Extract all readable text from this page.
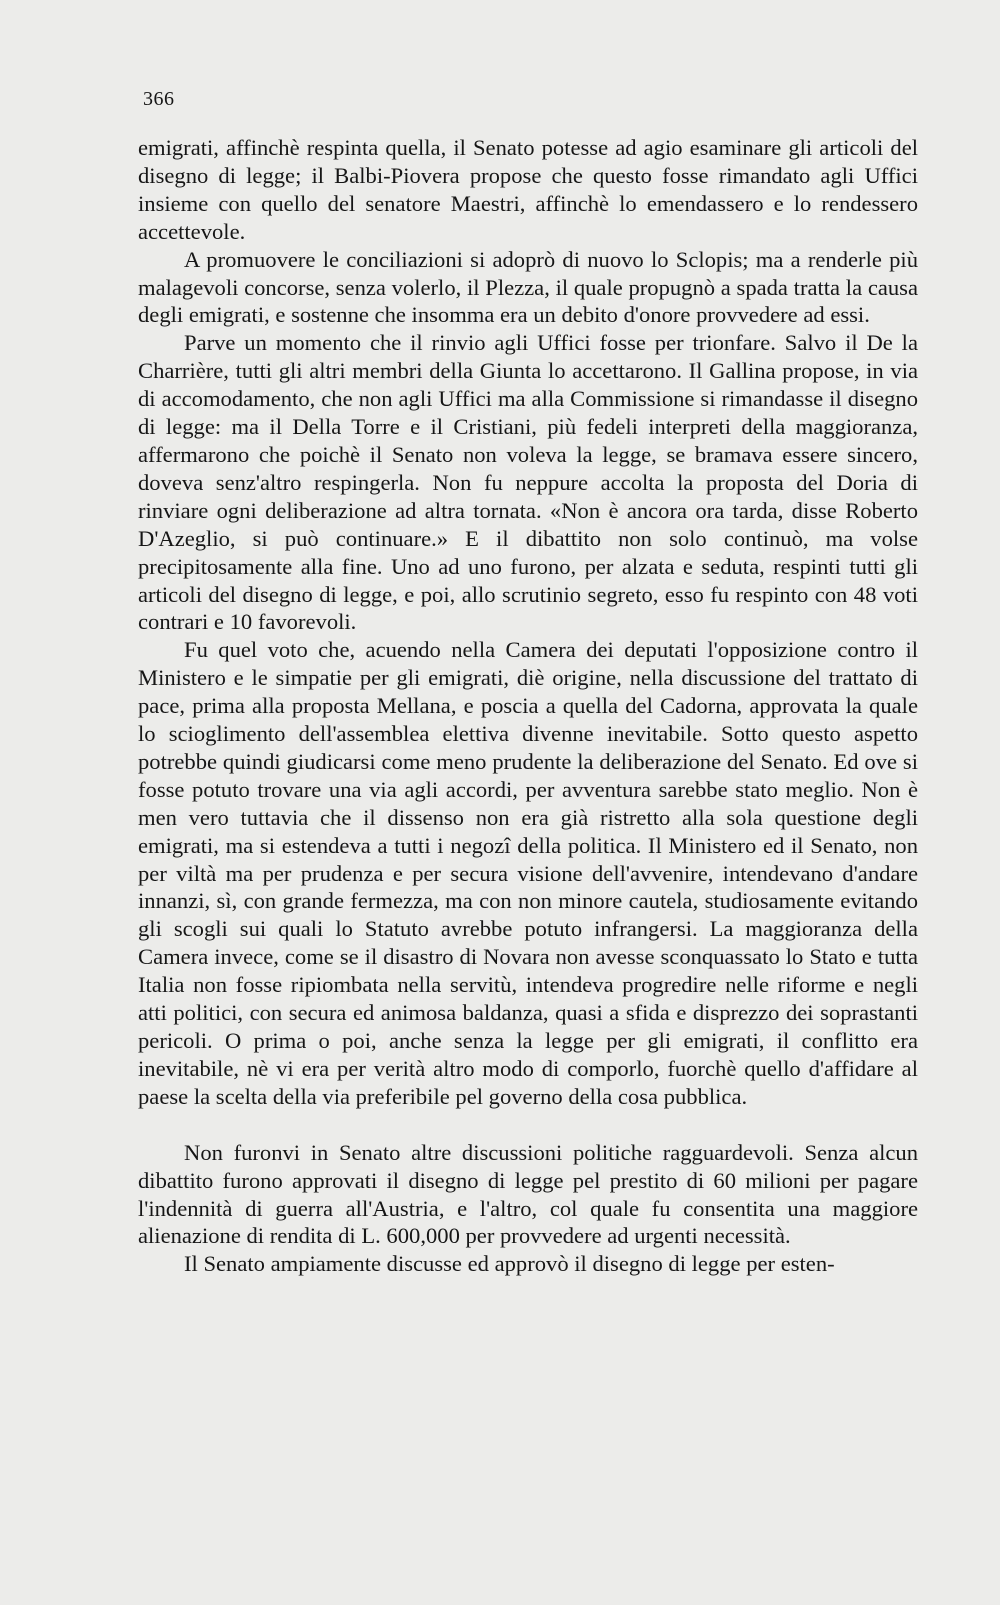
366

emigrati, affinchè respinta quella, il Senato potesse ad agio esaminare gli articoli del disegno di legge; il Balbi-Piovera propose che questo fosse rimandato agli Uffici insieme con quello del senatore Maestri, affinchè lo emendassero e lo rendessero accettevole.

A promuovere le conciliazioni si adoprò di nuovo lo Sclopis; ma a renderle più malagevoli concorse, senza volerlo, il Plezza, il quale propugnò a spada tratta la causa degli emigrati, e sostenne che insomma era un debito d'onore provvedere ad essi.

Parve un momento che il rinvio agli Uffici fosse per trionfare. Salvo il De la Charrière, tutti gli altri membri della Giunta lo accettarono. Il Gallina propose, in via di accomodamento, che non agli Uffici ma alla Commissione si rimandasse il disegno di legge: ma il Della Torre e il Cristiani, più fedeli interpreti della maggioranza, affermarono che poichè il Senato non voleva la legge, se bramava essere sincero, doveva senz'altro respingerla. Non fu neppure accolta la proposta del Doria di rinviare ogni deliberazione ad altra tornata. «Non è ancora ora tarda, disse Roberto D'Azeglio, si può continuare.» E il dibattito non solo continuò, ma volse precipitosamente alla fine. Uno ad uno furono, per alzata e seduta, respinti tutti gli articoli del disegno di legge, e poi, allo scrutinio segreto, esso fu respinto con 48 voti contrari e 10 favorevoli.

Fu quel voto che, acuendo nella Camera dei deputati l'opposizione contro il Ministero e le simpatie per gli emigrati, diè origine, nella discussione del trattato di pace, prima alla proposta Mellana, e poscia a quella del Cadorna, approvata la quale lo scioglimento dell'assemblea elettiva divenne inevitabile. Sotto questo aspetto potrebbe quindi giudicarsi come meno prudente la deliberazione del Senato. Ed ove si fosse potuto trovare una via agli accordi, per avventura sarebbe stato meglio. Non è men vero tuttavia che il dissenso non era già ristretto alla sola questione degli emigrati, ma si estendeva a tutti i negozî della politica. Il Ministero ed il Senato, non per viltà ma per prudenza e per secura visione dell'avvenire, intendevano d'andare innanzi, sì, con grande fermezza, ma con non minore cautela, studiosamente evitando gli scogli sui quali lo Statuto avrebbe potuto infrangersi. La maggioranza della Camera invece, come se il disastro di Novara non avesse sconquassato lo Stato e tutta Italia non fosse ripiombata nella servitù, intendeva progredire nelle riforme e negli atti politici, con secura ed animosa baldanza, quasi a sfida e disprezzo dei soprastanti pericoli. O prima o poi, anche senza la legge per gli emigrati, il conflitto era inevitabile, nè vi era per verità altro modo di comporlo, fuorchè quello d'affidare al paese la scelta della via preferibile pel governo della cosa pubblica.

Non furonvi in Senato altre discussioni politiche ragguardevoli. Senza alcun dibattito furono approvati il disegno di legge pel prestito di 60 milioni per pagare l'indennità di guerra all'Austria, e l'altro, col quale fu consentita una maggiore alienazione di rendita di L. 600,000 per provvedere ad urgenti necessità.

Il Senato ampiamente discusse ed approvò il disegno di legge per esten-
